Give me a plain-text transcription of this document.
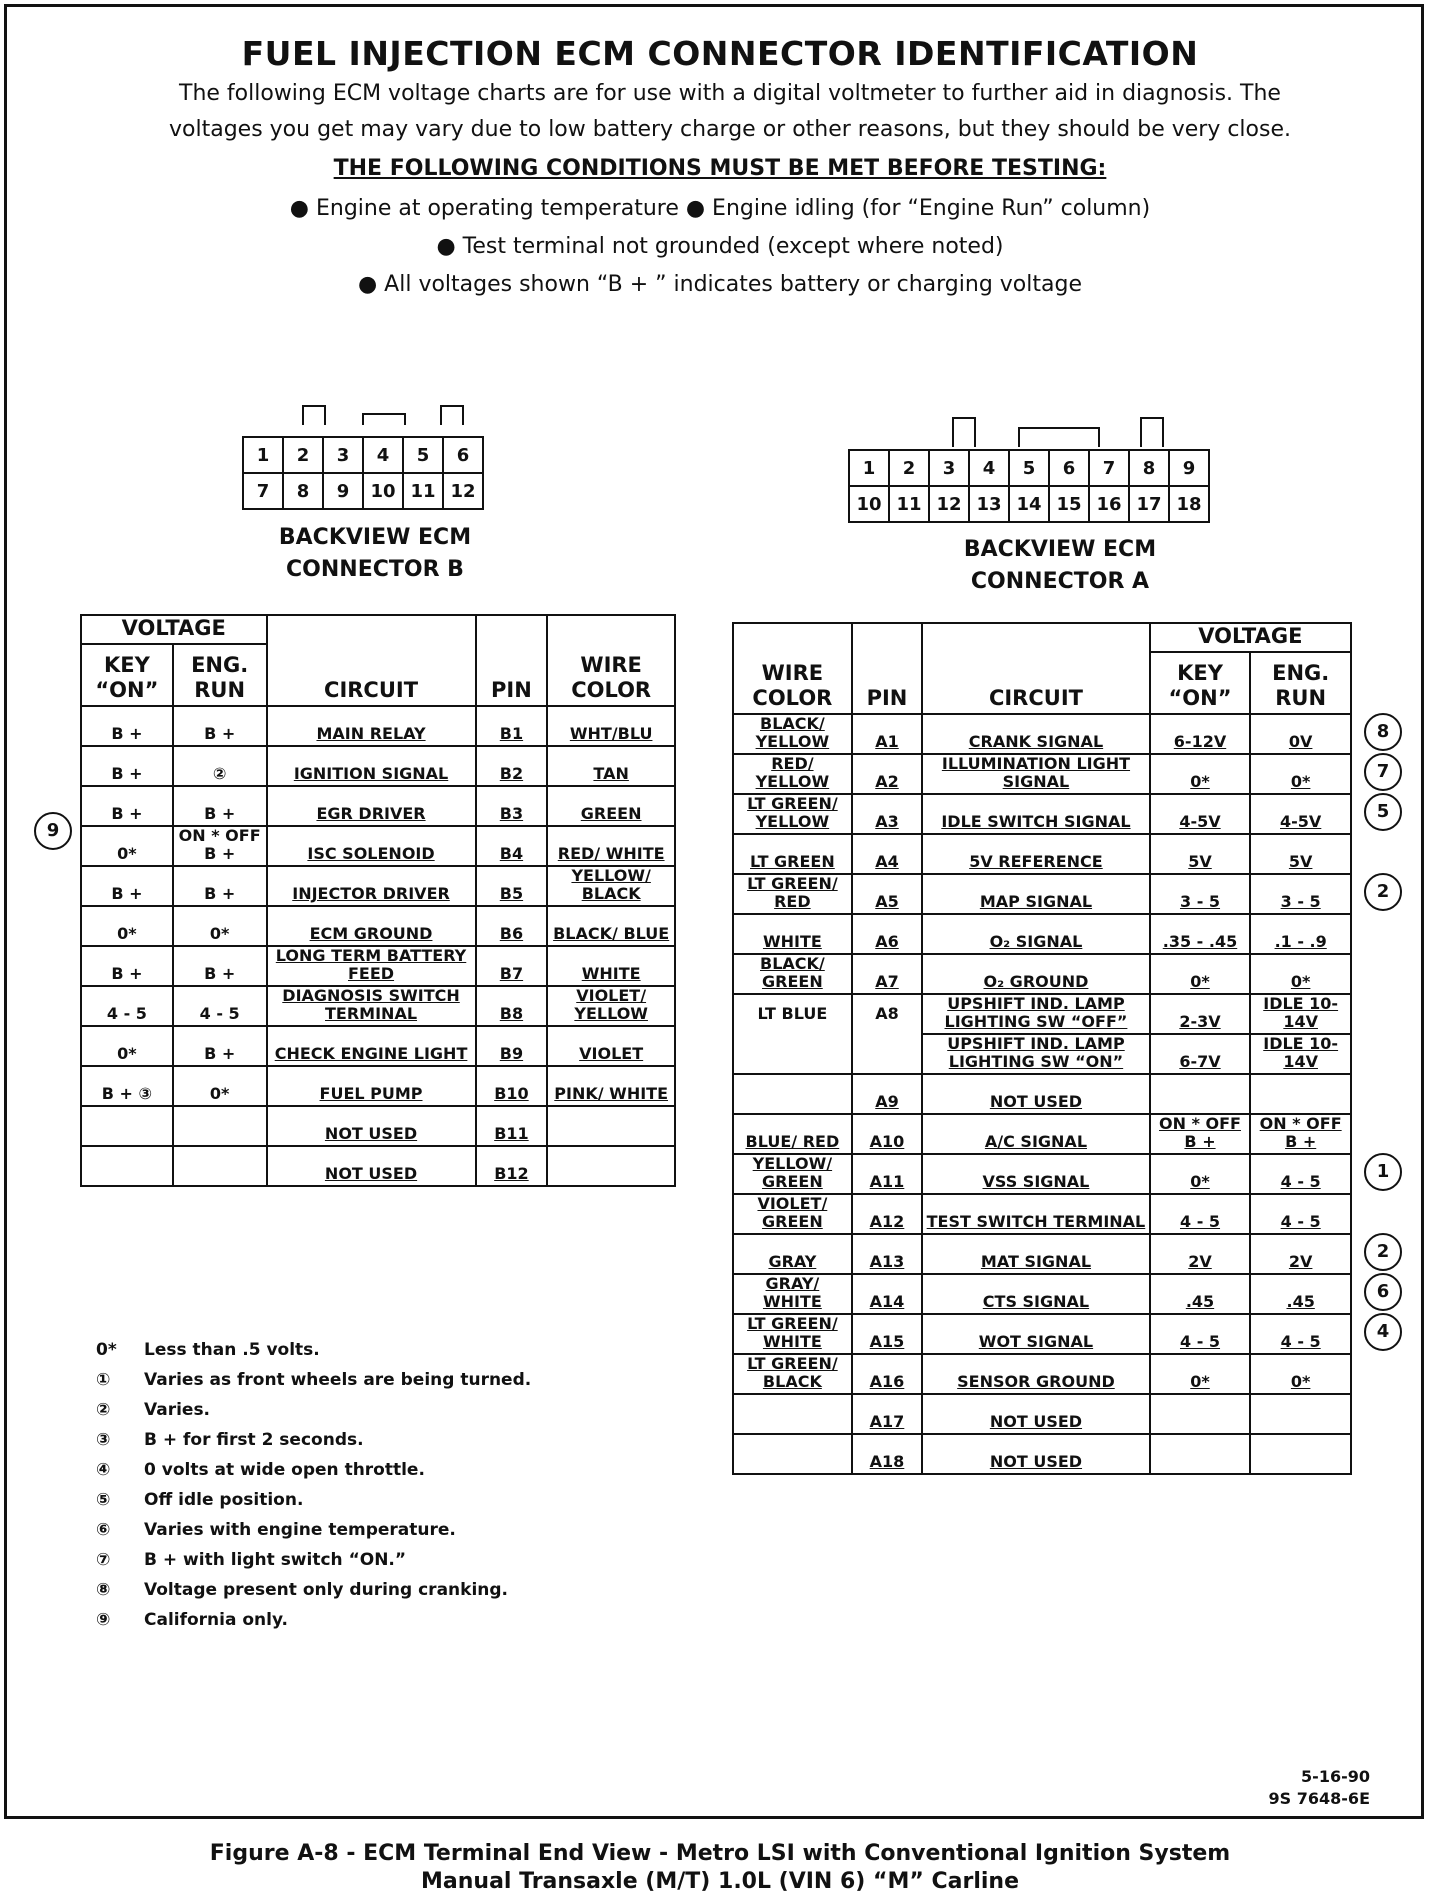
FUEL INJECTION ECM CONNECTOR IDENTIFICATION
The following ECM voltage charts are for use with a digital voltmeter to further aid in diagnosis. The
voltages you get may vary due to low battery charge or other reasons, but they should be very close.
THE FOLLOWING CONDITIONS MUST BE MET BEFORE TESTING:
● Engine at operating temperature ● Engine idling (for “Engine Run” column)
● Test terminal not grounded (except where noted)
● All voltages shown “B + ” indicates battery or charging voltage
1	2	3	4	5	6
7	8	9	10	11	12
BACKVIEW ECM
CONNECTOR B
1	2	3	4	5	6	7	8	9
10	11	12	13	14	15	16	17	18
BACKVIEW ECM
CONNECTOR A
VOLTAGE		CIRCUIT	PIN	WIRE COLOR
KEY “ON”	ENG. RUN			
B +	B +	MAIN RELAY	B1	WHT/BLU
B +	②	IGNITION SIGNAL	B2	TAN
B +	B +	EGR DRIVER	B3	GREEN
0*	ON * OFF B +	ISC SOLENOID	B4	RED/ WHITE
B +	B +	INJECTOR DRIVER	B5	YELLOW/ BLACK
0*	0*	ECM GROUND	B6	BLACK/ BLUE
B +	B +	LONG TERM BATTERY FEED	B7	WHITE
4 - 5	4 - 5	DIAGNOSIS SWITCH TERMINAL	B8	VIOLET/ YELLOW
0*	B +	CHECK ENGINE LIGHT	B9	VIOLET
B + ③	0*	FUEL PUMP	B10	PINK/ WHITE
		NOT USED	B11	
		NOT USED	B12	
9
WIRE COLOR	PIN	CIRCUIT	VOLTAGE	
			KEY “ON”	ENG. RUN
BLACK/ YELLOW	A1	CRANK SIGNAL	6-12V	0V
RED/ YELLOW	A2	ILLUMINATION LIGHT SIGNAL	0*	0*
LT GREEN/ YELLOW	A3	IDLE SWITCH SIGNAL	4-5V	4-5V
LT GREEN	A4	5V REFERENCE	5V	5V
LT GREEN/ RED	A5	MAP SIGNAL	3 - 5	3 - 5
WHITE	A6	O₂ SIGNAL	.35 - .45	.1 - .9
BLACK/ GREEN	A7	O₂ GROUND	0*	0*
LT BLUE	A8	UPSHIFT IND. LAMP LIGHTING SW “OFF”	2-3V	IDLE 10-14V
		UPSHIFT IND. LAMP LIGHTING SW “ON”	6-7V	IDLE 10-14V
	A9	NOT USED		
BLUE/ RED	A10	A/C SIGNAL	ON * OFF B +	ON * OFF B +
YELLOW/ GREEN	A11	VSS SIGNAL	0*	4 - 5
VIOLET/ GREEN	A12	TEST SWITCH TERMINAL	4 - 5	4 - 5
GRAY	A13	MAT SIGNAL	2V	2V
GRAY/ WHITE	A14	CTS SIGNAL	.45	.45
LT GREEN/ WHITE	A15	WOT SIGNAL	4 - 5	4 - 5
LT GREEN/ BLACK	A16	SENSOR GROUND	0*	0*
	A17	NOT USED		
	A18	NOT USED		
8
7
5
2
1
2
6
4
0* Less than .5 volts.
① Varies as front wheels are being turned.
② Varies.
③ B + for first 2 seconds.
④ 0 volts at wide open throttle.
⑤ Off idle position.
⑥ Varies with engine temperature.
⑦ B + with light switch “ON.”
⑧ Voltage present only during cranking.
⑨ California only.
5-16-90
9S 7648-6E
Figure A-8 - ECM Terminal End View - Metro LSI with Conventional Ignition System
Manual Transaxle (M/T) 1.0L (VIN 6) “M” Carline
